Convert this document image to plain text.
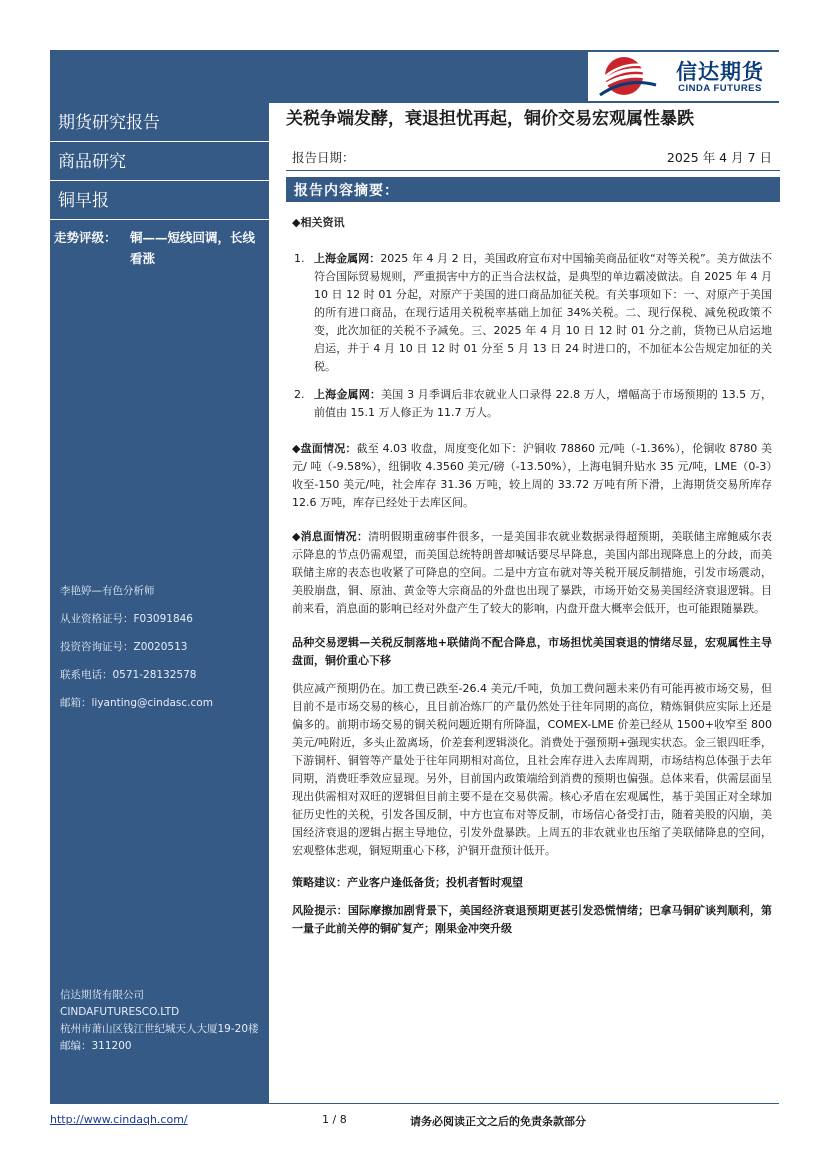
信达期货
CINDA FUTURES
期货研究报告
商品研究
铜早报
走势评级： 铜——短线回调，长线看涨
李艳婷—有色分析师
从业资格证号：F03091846
投资咨询证号：Z0020513
联系电话：0571-28132578
邮箱：liyanting@cindasc.com
信达期货有限公司
CINDAFUTURESCO.LTD
杭州市萧山区钱江世纪城天人大厦19-20楼
邮编：311200
关税争端发酵，衰退担忧再起，铜价交易宏观属性暴跌
报告日期：	2025 年 4 月 7 日
报告内容摘要：
◆相关资讯
1. 上海金属网：2025 年 4 月 2 日，美国政府宣布对中国输美商品征收“对等关税”。美方做法不符合国际贸易规则，严重损害中方的正当合法权益，是典型的单边霸凌做法。自 2025 年 4 月 10 日 12 时 01 分起，对原产于美国的进口商品加征关税。有关事项如下：一、对原产于美国的所有进口商品，在现行适用关税税率基础上加征 34%关税。二、现行保税、减免税政策不变，此次加征的关税不予减免。三、2025 年 4 月 10 日 12 时 01 分之前，货物已从启运地启运，并于 4 月 10 日 12 时 01 分至 5 月 13 日 24 时进口的，不加征本公告规定加征的关税。

2. 上海金属网：美国 3 月季调后非农就业人口录得 22.8 万人，增幅高于市场预期的 13.5 万，前值由 15.1 万人修正为 11.7 万人。

◆盘面情况：截至 4.03 收盘，周度变化如下：沪铜收 78860 元/吨（-1.36%），伦铜收 8780 美元/ 吨（-9.58%），纽铜收 4.3560 美元/磅（-13.50%），上海电铜升贴水 35 元/吨，LME（0-3）收至-150 美元/吨，社会库存 31.36 万吨，较上周的 33.72 万吨有所下滑，上海期货交易所库存 12.6 万吨，库存已经处于去库区间。

◆消息面情况：清明假期重磅事件很多，一是美国非农就业数据录得超预期，美联储主席鲍威尔表示降息的节点仍需观望，而美国总统特朗普却喊话要尽早降息，美国内部出现降息上的分歧，而美联储主席的表态也收紧了可降息的空间。二是中方宣布就对等关税开展反制措施，引发市场震动，美股崩盘，铜、原油、黄金等大宗商品的外盘也出现了暴跌，市场开始交易美国经济衰退逻辑。目前来看，消息面的影响已经对外盘产生了较大的影响，内盘开盘大概率会低开，也可能跟随暴跌。

品种交易逻辑—关税反制落地+联储尚不配合降息，市场担忧美国衰退的情绪尽显，宏观属性主导盘面，铜价重心下移
供应减产预期仍在。加工费已跌至-26.4 美元/千吨，负加工费问题未来仍有可能再被市场交易，但目前不是市场交易的核心，且目前冶炼厂的产量仍然处于往年同期的高位，精炼铜供应实际上还是偏多的。前期市场交易的铜关税问题近期有所降温，COMEX-LME 价差已经从 1500+收窄至 800 美元/吨附近，多头止盈离场，价差套利逻辑淡化。消费处于强预期+强现实状态。金三银四旺季，下游铜杆、铜管等产量处于往年同期相对高位，且社会库存进入去库周期，市场结构总体强于去年同期，消费旺季效应显现。另外，目前国内政策端给到消费的预期也偏强。总体来看，供需层面呈现出供需相对双旺的逻辑但目前主要不是在交易供需。核心矛盾在宏观属性，基于美国正对全球加征历史性的关税，引发各国反制，中方也宣布对等反制，市场信心备受打击，随着美股的闪崩，美国经济衰退的逻辑占据主导地位，引发外盘暴跌。上周五的非农就业也压缩了美联储降息的空间，宏观整体悲观，铜短期重心下移，沪铜开盘预计低开。
策略建议：产业客户逢低备货；投机者暂时观望
风险提示：国际摩擦加剧背景下，美国经济衰退预期更甚引发恐慌情绪；巴拿马铜矿谈判顺利，第一量子此前关停的铜矿复产；刚果金冲突升级
http://www.cindaqh.com/	1 / 8	请务必阅读正文之后的免责条款部分
